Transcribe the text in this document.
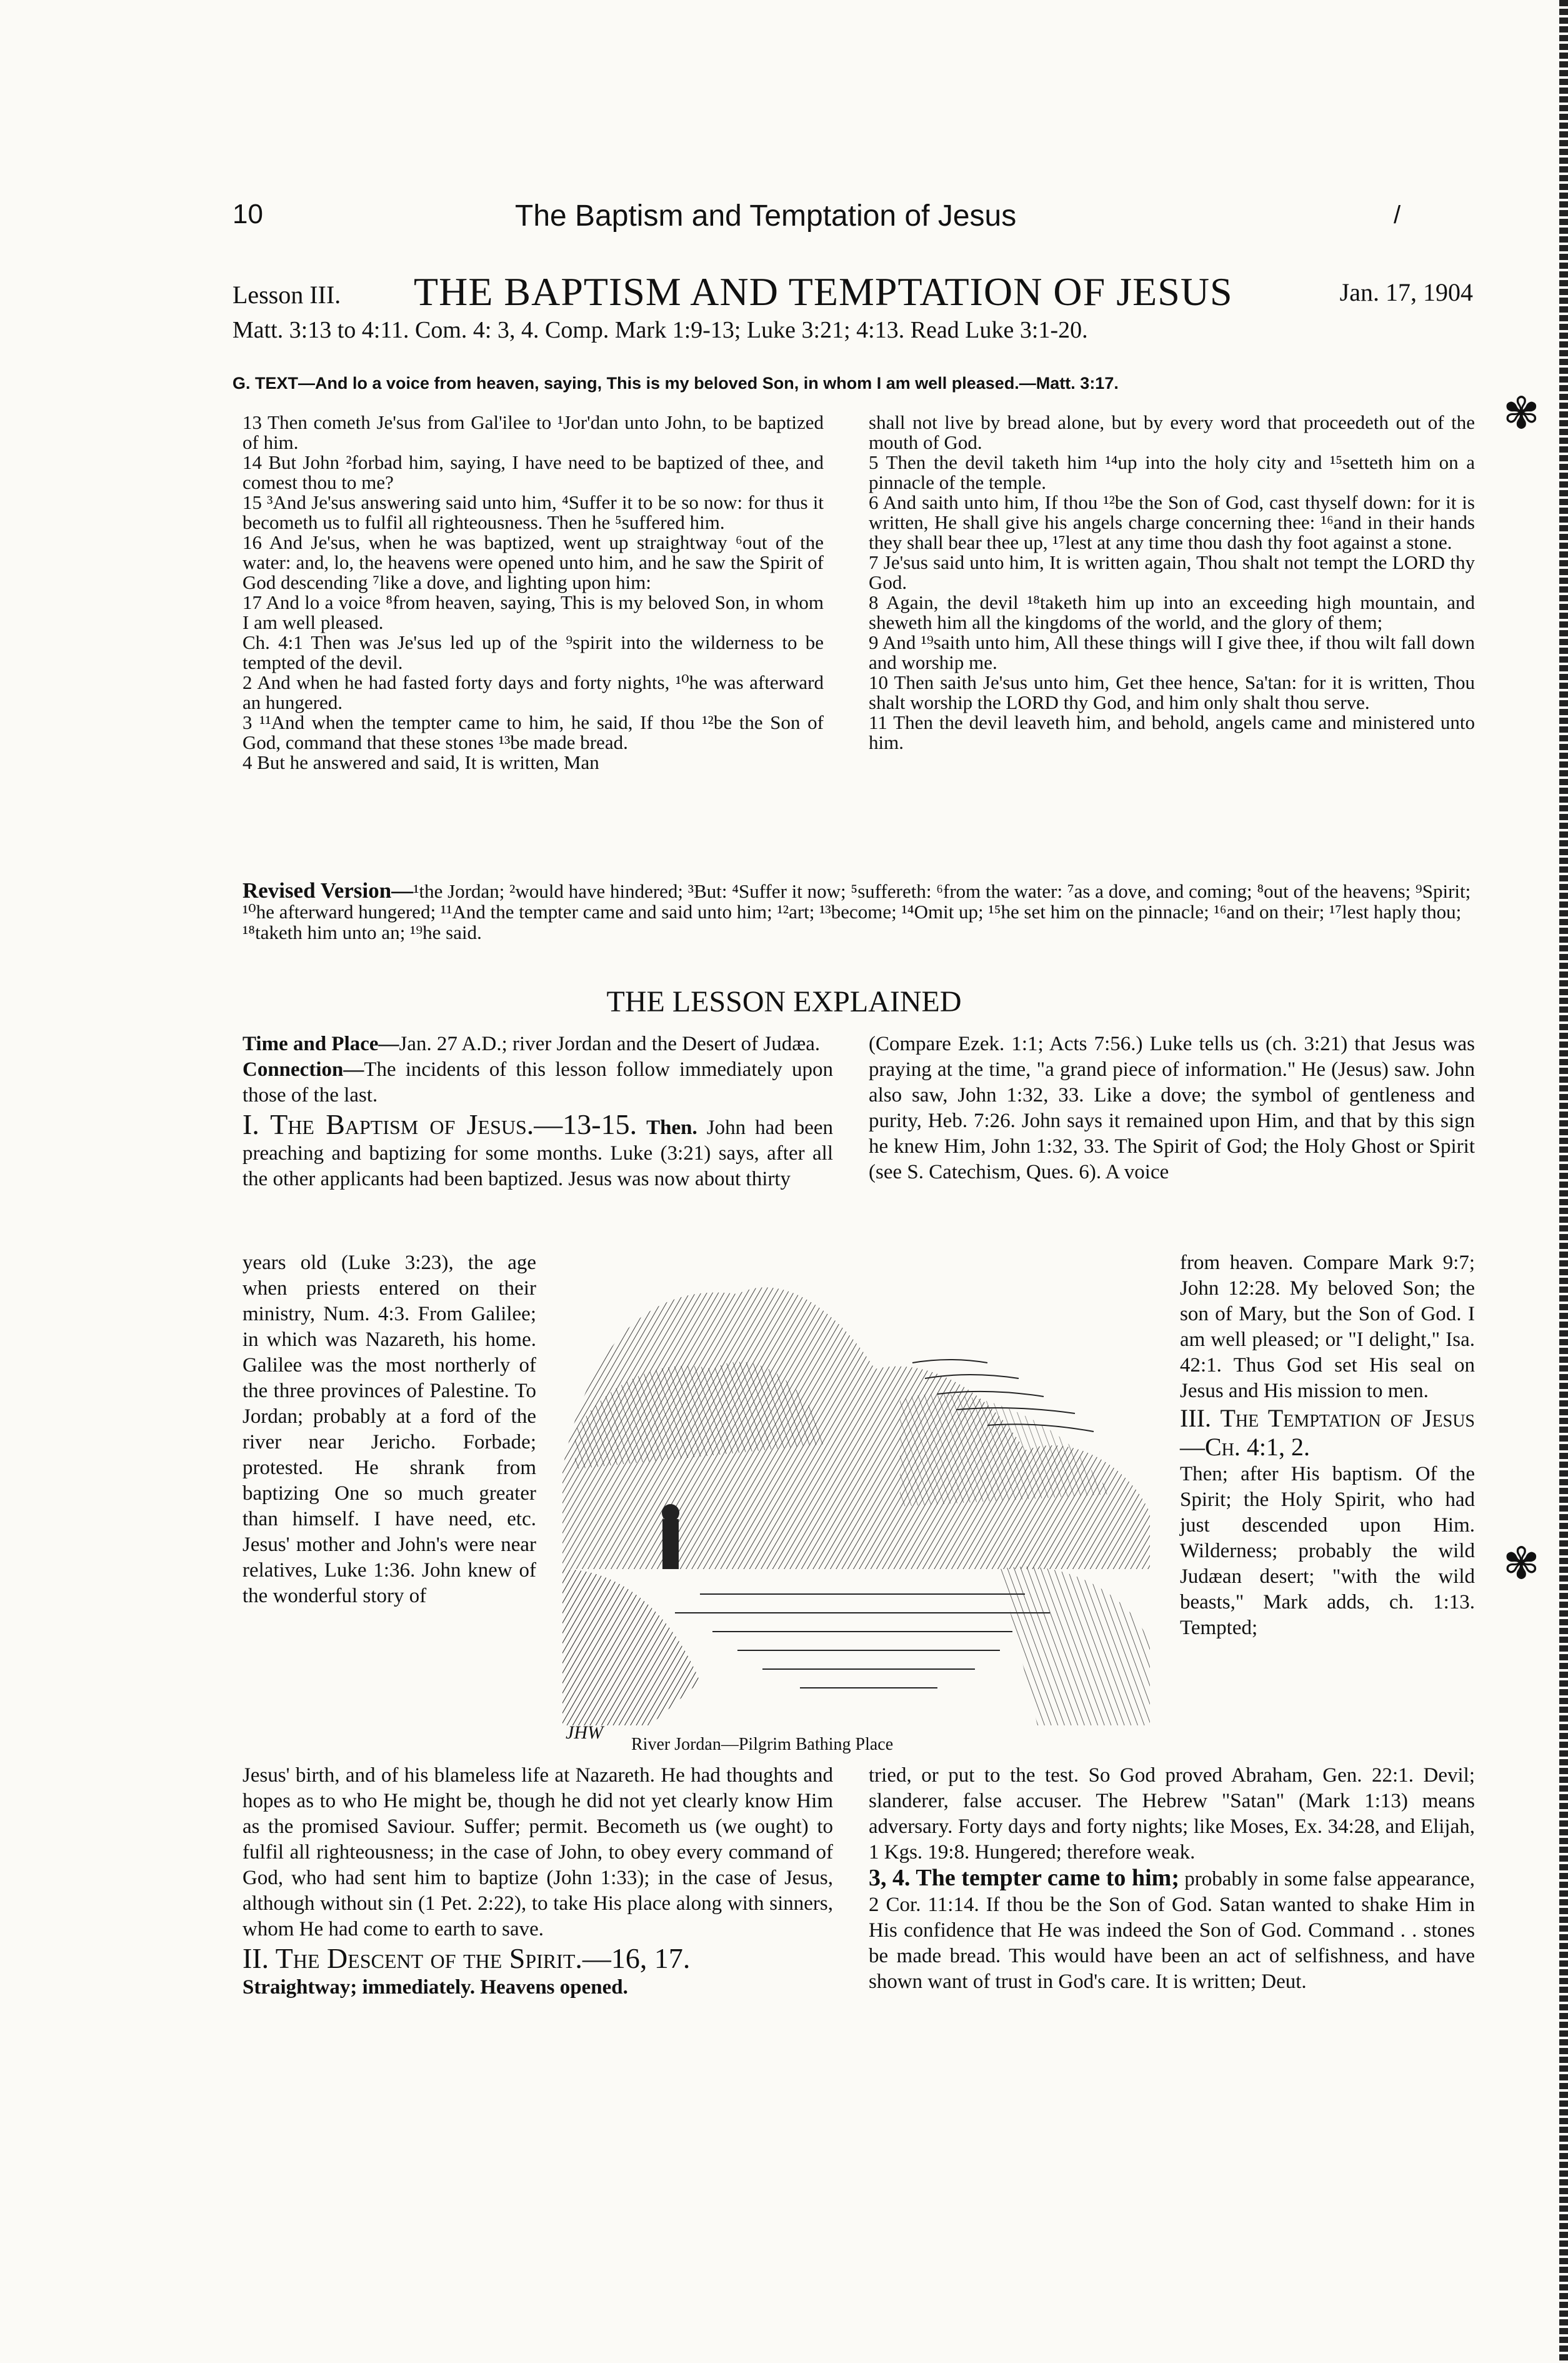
10	The Baptism and Temptation of Jesus	/
Lesson III. THE BAPTISM AND TEMPTATION OF JESUS	Jan. 17, 1904
Matt. 3:13 to 4:11. Com. 4: 3, 4. Comp. Mark 1:9-13; Luke 3:21; 4:13. Read Luke 3:1-20.
G. TEXT—And lo a voice from heaven, saying, This is my beloved Son, in whom I am well pleased.—Matt. 3:17.

13 Then cometh Je'sus from Gal'ilee to ¹Jor'dan unto John, to be baptized of him.

14 But John ²forbad him, saying, I have need to be baptized of thee, and comest thou to me?

15 ³And Je'sus answering said unto him, ⁴Suffer it to be so now: for thus it becometh us to fulfil all righteousness. Then he ⁵suffered him.

16 And Je'sus, when he was baptized, went up straightway ⁶out of the water: and, lo, the heavens were opened unto him, and he saw the Spirit of God descending ⁷like a dove, and lighting upon him:

17 And lo a voice ⁸from heaven, saying, This is my beloved Son, in whom I am well pleased.

Ch. 4:1 Then was Je'sus led up of the ⁹spirit into the wilderness to be tempted of the devil.

2 And when he had fasted forty days and forty nights, ¹⁰he was afterward an hungered.

3 ¹¹And when the tempter came to him, he said, If thou ¹²be the Son of God, command that these stones ¹³be made bread.

4 But he answered and said, It is written, Man

shall not live by bread alone, but by every word that proceedeth out of the mouth of God.

5 Then the devil taketh him ¹⁴up into the holy city and ¹⁵setteth him on a pinnacle of the temple.

6 And saith unto him, If thou ¹²be the Son of God, cast thyself down: for it is written, He shall give his angels charge concerning thee: ¹⁶and in their hands they shall bear thee up, ¹⁷lest at any time thou dash thy foot against a stone.

7 Je'sus said unto him, It is written again, Thou shalt not tempt the LORD thy God.

8 Again, the devil ¹⁸taketh him up into an exceeding high mountain, and sheweth him all the kingdoms of the world, and the glory of them;

9 And ¹⁹saith unto him, All these things will I give thee, if thou wilt fall down and worship me.

10 Then saith Je'sus unto him, Get thee hence, Sa'tan: for it is written, Thou shalt worship the LORD thy God, and him only shalt thou serve.

11 Then the devil leaveth him, and behold, angels came and ministered unto him.

Revised Version—¹the Jordan; ²would have hindered; ³But: ⁴Suffer it now; ⁵suffereth: ⁶from the water: ⁷as a dove, and coming; ⁸out of the heavens; ⁹Spirit; ¹⁰he afterward hungered; ¹¹And the tempter came and said unto him; ¹²art; ¹³become; ¹⁴Omit up; ¹⁵he set him on the pinnacle; ¹⁶and on their; ¹⁷lest haply thou; ¹⁸taketh him unto an; ¹⁹he said.
THE LESSON EXPLAINED

Time and Place—Jan. 27 A.D.; river Jordan and the Desert of Judæa.

Connection—The incidents of this lesson follow immediately upon those of the last.

I. The Baptism of Jesus.—13-15. Then. John had been preaching and baptizing for some months. Luke (3:21) says, after all the other applicants had been baptized. Jesus was now about thirty

(Compare Ezek. 1:1; Acts 7:56.) Luke tells us (ch. 3:21) that Jesus was praying at the time, "a grand piece of information." He (Jesus) saw. John also saw, John 1:32, 33. Like a dove; the symbol of gentleness and purity, Heb. 7:26. John says it remained upon Him, and that by this sign he knew Him, John 1:32, 33. The Spirit of God; the Holy Ghost or Spirit (see S. Catechism, Ques. 6). A voice

years old (Luke 3:23), the age when priests entered on their ministry, Num. 4:3. From Galilee; in which was Nazareth, his home. Galilee was the most northerly of the three provinces of Palestine. To Jordan; probably at a ford of the river near Jericho. Forbade; protested. He shrank from baptizing One so much greater than himself. I have need, etc. Jesus' mother and John's were near relatives, Luke 1:36. John knew of the wonderful story of

from heaven. Compare Mark 9:7; John 12:28. My beloved Son; the son of Mary, but the Son of God. I am well pleased; or "I delight," Isa. 42:1. Thus God set His seal on Jesus and His mission to men.

III. The Temptation of Jesus—Ch. 4:1, 2.

Then; after His baptism. Of the Spirit; the Holy Spirit, who had just descended upon Him. Wilderness; probably the wild Judæan desert; "with the wild beasts," Mark adds, ch. 1:13. Tempted;

JHW
River Jordan—Pilgrim Bathing Place

Jesus' birth, and of his blameless life at Nazareth. He had thoughts and hopes as to who He might be, though he did not yet clearly know Him as the promised Saviour. Suffer; permit. Becometh us (we ought) to fulfil all righteousness; in the case of John, to obey every command of God, who had sent him to baptize (John 1:33); in the case of Jesus, although without sin (1 Pet. 2:22), to take His place along with sinners, whom He had come to earth to save.

II. The Descent of the Spirit.—16, 17.

Straightway; immediately. Heavens opened.

tried, or put to the test. So God proved Abraham, Gen. 22:1. Devil; slanderer, false accuser. The Hebrew "Satan" (Mark 1:13) means adversary. Forty days and forty nights; like Moses, Ex. 34:28, and Elijah, 1 Kgs. 19:8. Hungered; therefore weak.

3, 4. The tempter came to him; probably in some false appearance, 2 Cor. 11:14. If thou be the Son of God. Satan wanted to shake Him in His confidence that He was indeed the Son of God. Command . . stones be made bread. This would have been an act of selfishness, and have shown want of trust in God's care. It is written; Deut.

✾
✾
